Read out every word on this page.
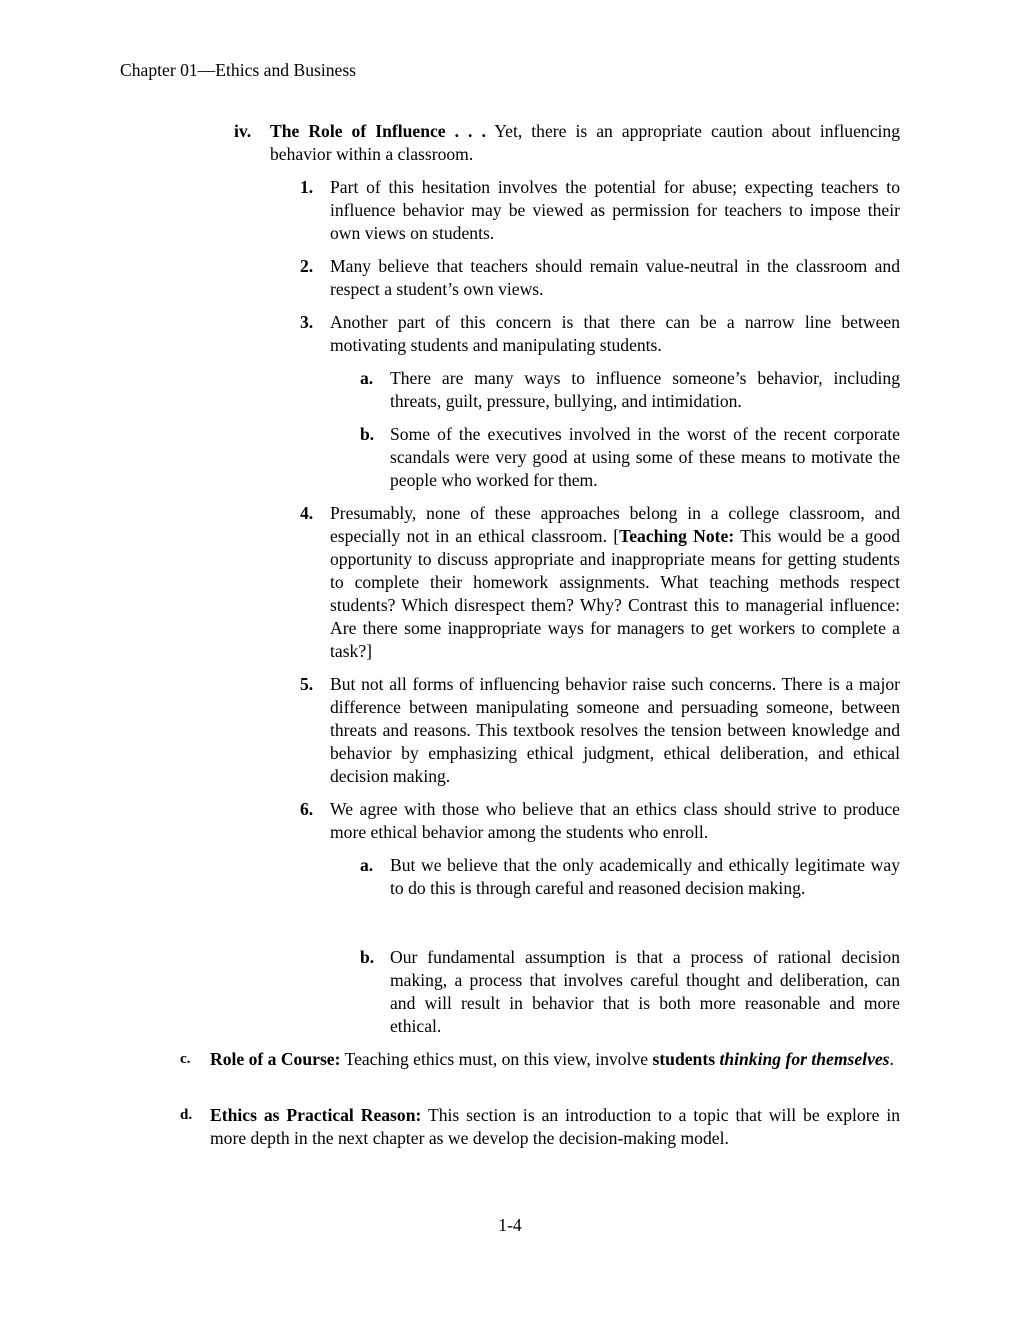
Chapter 01—Ethics and Business
iv. The Role of Influence . . . Yet, there is an appropriate caution about influencing behavior within a classroom.
1. Part of this hesitation involves the potential for abuse; expecting teachers to influence behavior may be viewed as permission for teachers to impose their own views on students.
2. Many believe that teachers should remain value-neutral in the classroom and respect a student’s own views.
3. Another part of this concern is that there can be a narrow line between motivating students and manipulating students.
a. There are many ways to influence someone’s behavior, including threats, guilt, pressure, bullying, and intimidation.
b. Some of the executives involved in the worst of the recent corporate scandals were very good at using some of these means to motivate the people who worked for them.
4. Presumably, none of these approaches belong in a college classroom, and especially not in an ethical classroom. [Teaching Note: This would be a good opportunity to discuss appropriate and inappropriate means for getting students to complete their homework assignments. What teaching methods respect students? Which disrespect them? Why? Contrast this to managerial influence: Are there some inappropriate ways for managers to get workers to complete a task?]
5. But not all forms of influencing behavior raise such concerns. There is a major difference between manipulating someone and persuading someone, between threats and reasons. This textbook resolves the tension between knowledge and behavior by emphasizing ethical judgment, ethical deliberation, and ethical decision making.
6. We agree with those who believe that an ethics class should strive to produce more ethical behavior among the students who enroll.
a. But we believe that the only academically and ethically legitimate way to do this is through careful and reasoned decision making.
b. Our fundamental assumption is that a process of rational decision making, a process that involves careful thought and deliberation, can and will result in behavior that is both more reasonable and more ethical.
c. Role of a Course: Teaching ethics must, on this view, involve students thinking for themselves.
d. Ethics as Practical Reason: This section is an introduction to a topic that will be explore in more depth in the next chapter as we develop the decision-making model.
1-4
